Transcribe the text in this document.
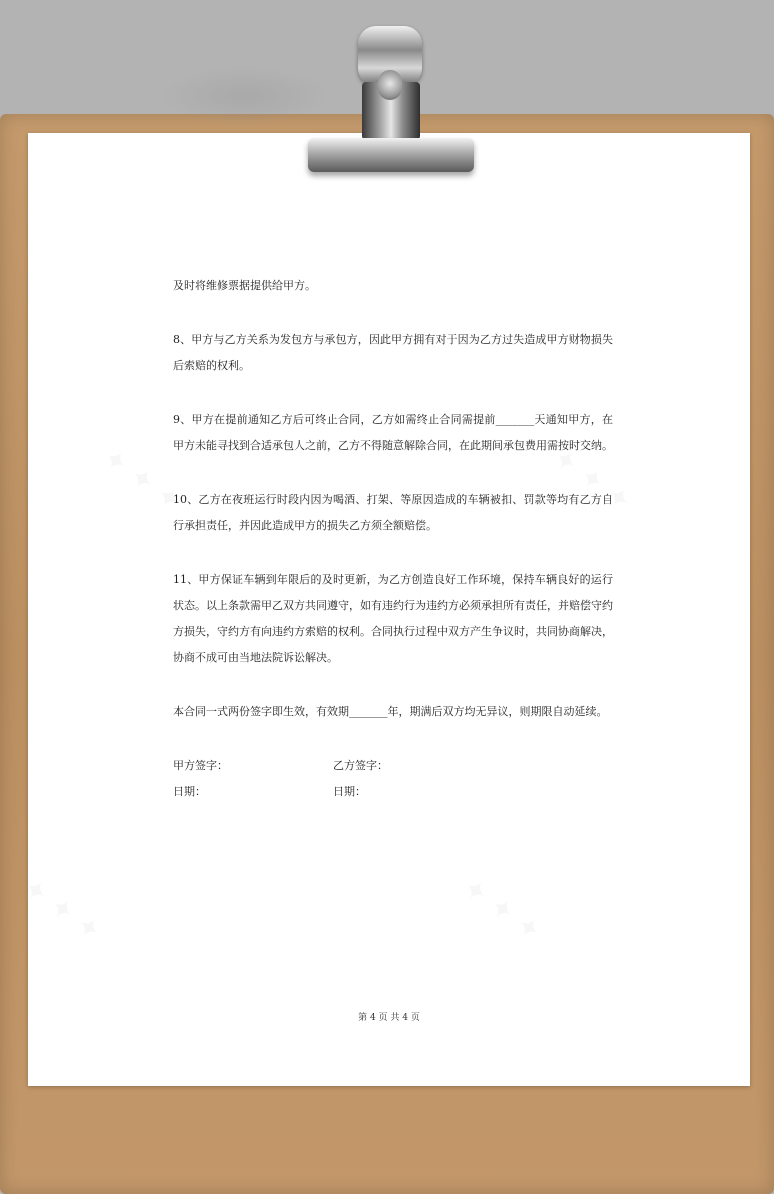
✦ ✦ ✦	✦ ✦ ✦
✦ ✦ ✦	✦ ✦ ✦

及时将维修票据提供给甲方。

8、甲方与乙方关系为发包方与承包方，因此甲方拥有对于因为乙方过失造成甲方财物损失后索赔的权利。

9、甲方在提前通知乙方后可终止合同，乙方如需终止合同需提前_______天通知甲方，在甲方未能寻找到合适承包人之前，乙方不得随意解除合同，在此期间承包费用需按时交纳。

10、乙方在夜班运行时段内因为喝酒、打架、等原因造成的车辆被扣、罚款等均有乙方自行承担责任，并因此造成甲方的损失乙方须全额赔偿。

11、甲方保证车辆到年限后的及时更新，为乙方创造良好工作环境，保持车辆良好的运行状态。以上条款需甲乙双方共同遵守，如有违约行为违约方必须承担所有责任，并赔偿守约方损失，守约方有向违约方索赔的权利。合同执行过程中双方产生争议时，共同协商解决，协商不成可由当地法院诉讼解决。

本合同一式两份签字即生效，有效期_______年，期满后双方均无异议，则期限自动延续。

甲方签字：	乙方签字：
日期：	日期：
第 4 页 共 4 页
